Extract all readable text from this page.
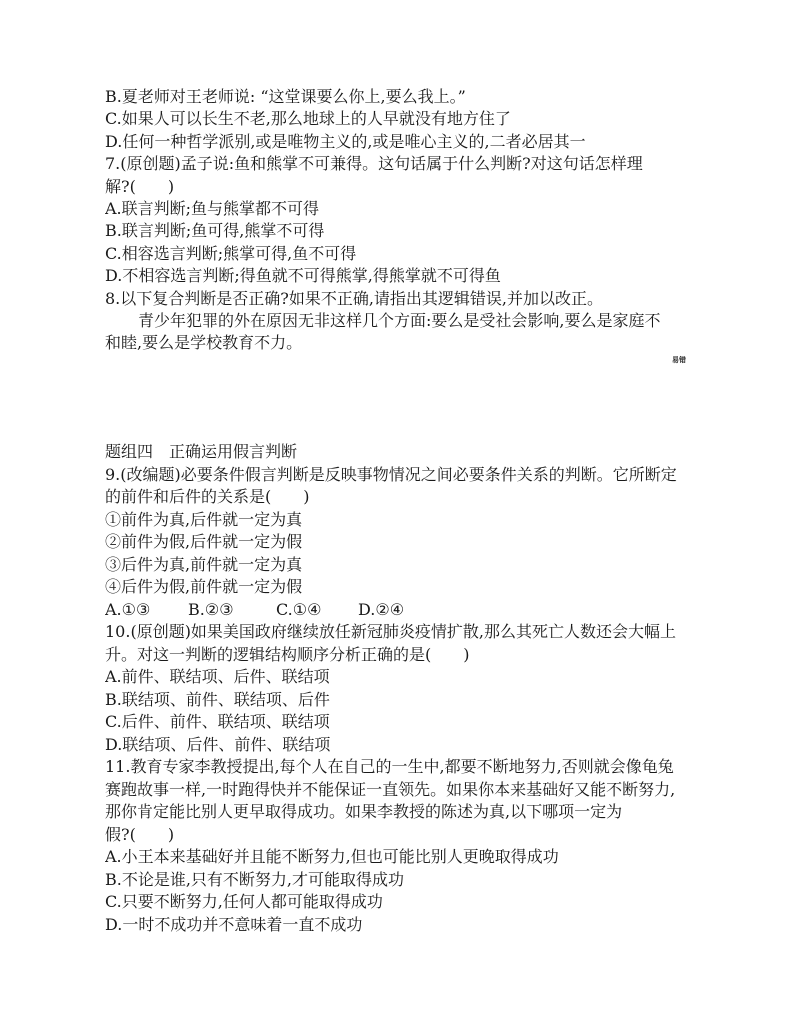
B.夏老师对王老师说: “这堂课要么你上,要么我上。”
C.如果人可以长生不老,那么地球上的人早就没有地方住了
D.任何一种哲学派别,或是唯物主义的,或是唯心主义的,二者必居其一
7.(原创题)孟子说:鱼和熊掌不可兼得。这句话属于什么判断?对这句话怎样理
解?(　　)
A.联言判断;鱼与熊掌都不可得
B.联言判断;鱼可得,熊掌不可得
C.相容选言判断;熊掌可得,鱼不可得
D.不相容选言判断;得鱼就不可得熊掌,得熊掌就不可得鱼
8.以下复合判断是否正确?如果不正确,请指出其逻辑错误,并加以改正。
青少年犯罪的外在原因无非这样几个方面:要么是受社会影响,要么是家庭不
和睦,要么是学校教育不力。
易错
题组四　正确运用假言判断
9.(改编题)必要条件假言判断是反映事物情况之间必要条件关系的判断。它所断定
的前件和后件的关系是(　　)
①前件为真,后件就一定为真
②前件为假,后件就一定为假
③后件为真,前件就一定为真
④后件为假,前件就一定为假
A.①③ B.②③	C.①④ D.②④
10.(原创题)如果美国政府继续放任新冠肺炎疫情扩散,那么其死亡人数还会大幅上
升。对这一判断的逻辑结构顺序分析正确的是(　　)
A.前件、联结项、后件、联结项
B.联结项、前件、联结项、后件
C.后件、前件、联结项、联结项
D.联结项、后件、前件、联结项
11.教育专家李教授提出,每个人在自己的一生中,都要不断地努力,否则就会像龟兔
赛跑故事一样,一时跑得快并不能保证一直领先。如果你本来基础好又能不断努力,
那你肯定能比别人更早取得成功。如果李教授的陈述为真,以下哪项一定为
假?(　　)
A.小王本来基础好并且能不断努力,但也可能比别人更晚取得成功
B.不论是谁,只有不断努力,才可能取得成功
C.只要不断努力,任何人都可能取得成功
D.一时不成功并不意味着一直不成功
